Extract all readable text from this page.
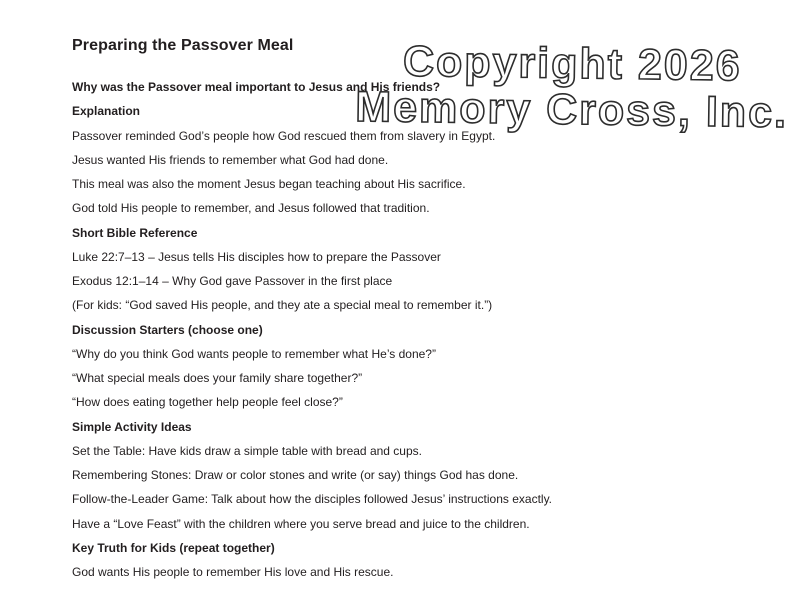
Preparing the Passover Meal
Why was the Passover meal important to Jesus and His friends?
Explanation
Passover reminded God’s people how God rescued them from slavery in Egypt.
Jesus wanted His friends to remember what God had done.
This meal was also the moment Jesus began teaching about His sacrifice.
God told His people to remember, and Jesus followed that tradition.
Short Bible Reference
Luke 22:7–13 – Jesus tells His disciples how to prepare the Passover
Exodus 12:1–14 – Why God gave Passover in the first place
(For kids: “God saved His people, and they ate a special meal to remember it.”)
Discussion Starters (choose one)
“Why do you think God wants people to remember what He’s done?”
“What special meals does your family share together?”
“How does eating together help people feel close?”
Simple Activity Ideas
Set the Table: Have kids draw a simple table with bread and cups.
Remembering Stones: Draw or color stones and write (or say) things God has done.
Follow-the-Leader Game: Talk about how the disciples followed Jesus’ instructions exactly.
Have a “Love Feast” with the children where you serve bread and juice to the children.
Key Truth for Kids (repeat together)
God wants His people to remember His love and His rescue.
Copyright 2026
Memory Cross, Inc.
